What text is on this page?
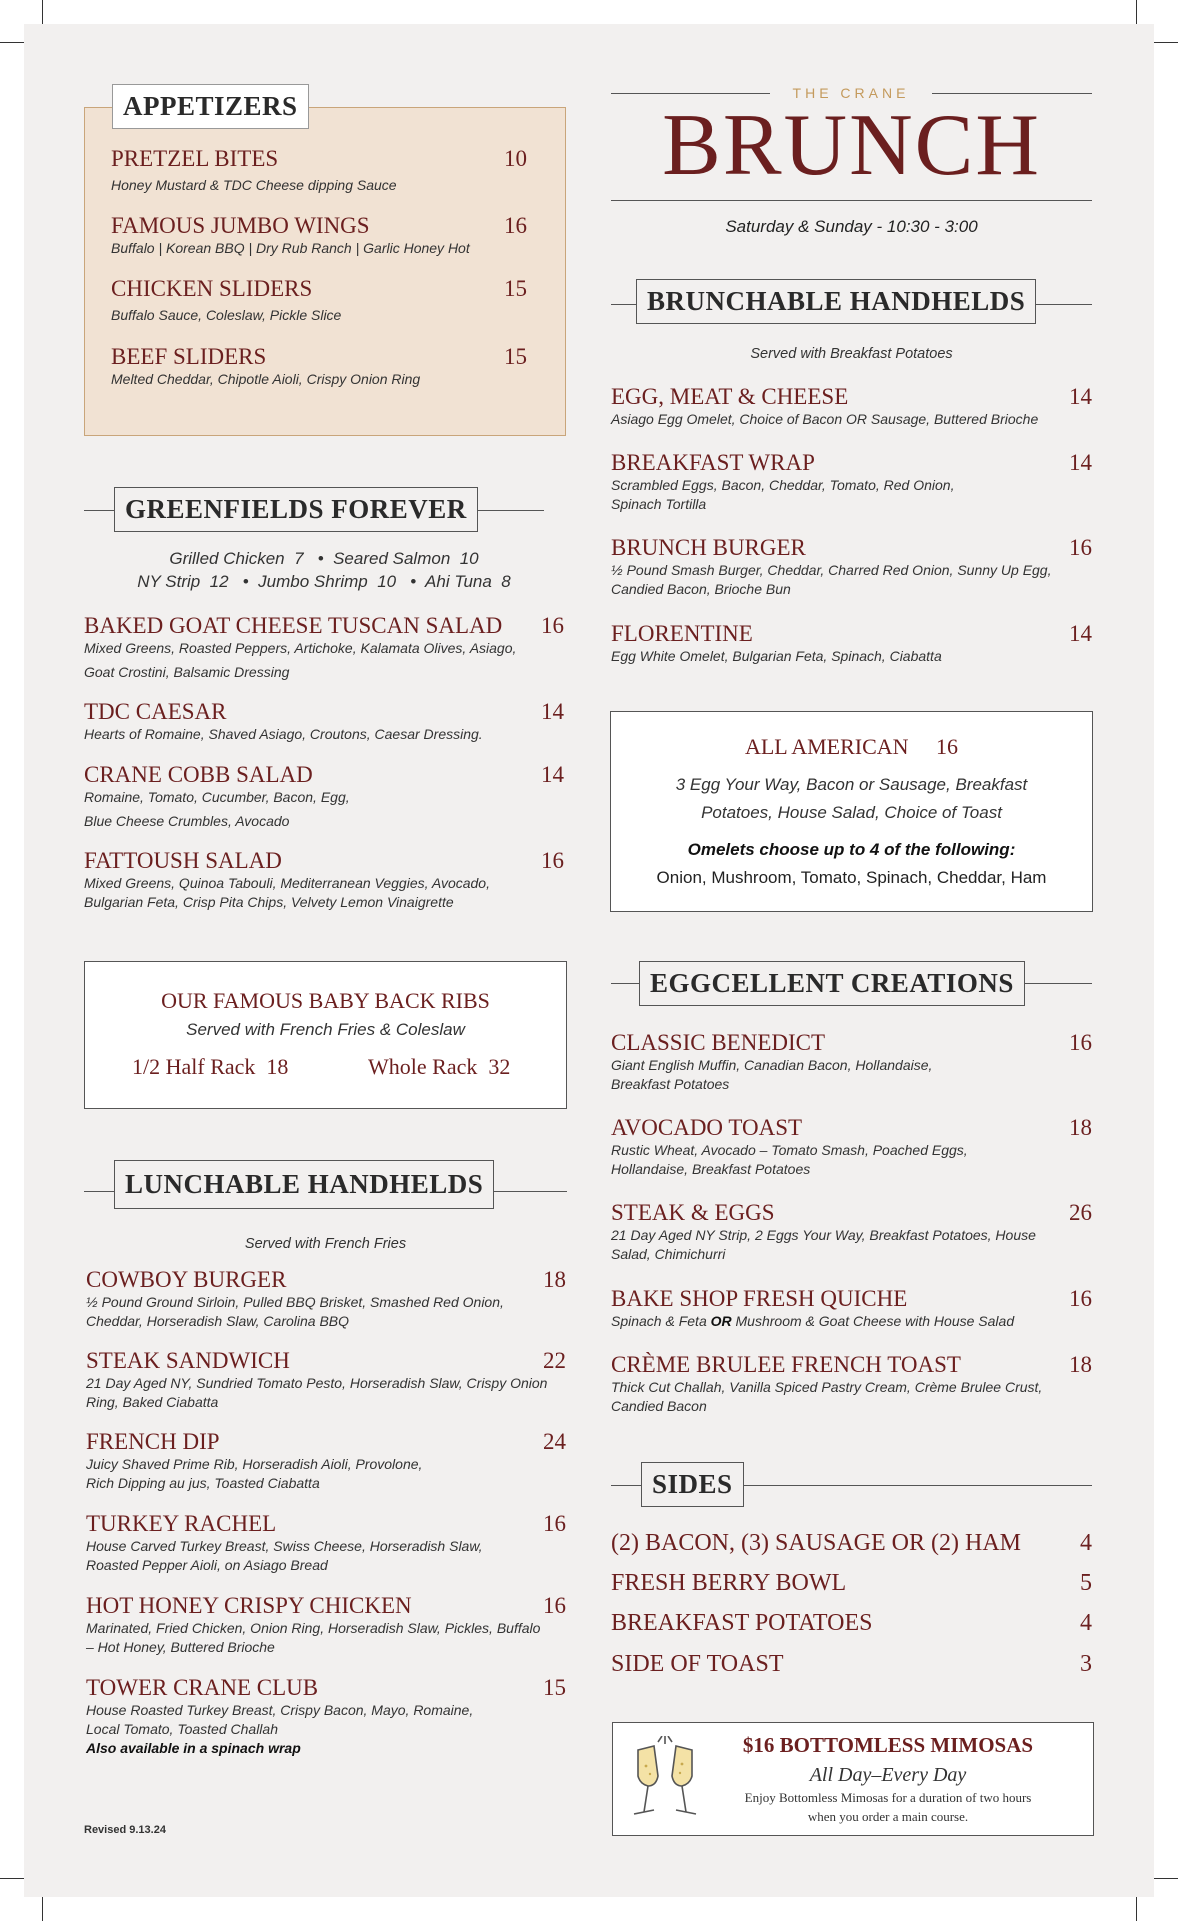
APPETIZERS
PRETZEL BITES	10
Honey Mustard & TDC Cheese dipping Sauce
FAMOUS JUMBO WINGS	16
Buffalo | Korean BBQ | Dry Rub Ranch | Garlic Honey Hot
CHICKEN SLIDERS	15
Buffalo Sauce, Coleslaw, Pickle Slice
BEEF SLIDERS	15
Melted Cheddar, Chipotle Aioli, Crispy Onion Ring
GREENFIELDS FOREVER
Grilled Chicken  7   •  Seared Salmon  10
NY Strip  12   •  Jumbo Shrimp  10   •  Ahi Tuna  8
BAKED GOAT CHEESE TUSCAN SALAD	16
Mixed Greens, Roasted Peppers, Artichoke, Kalamata Olives, Asiago,
Goat Crostini, Balsamic Dressing
TDC CAESAR	14
Hearts of Romaine, Shaved Asiago, Croutons, Caesar Dressing.
CRANE COBB SALAD	14
Romaine, Tomato, Cucumber, Bacon, Egg,
Blue Cheese Crumbles, Avocado
FATTOUSH SALAD	16
Mixed Greens, Quinoa Tabouli, Mediterranean Veggies, Avocado,
Bulgarian Feta, Crisp Pita Chips, Velvety Lemon Vinaigrette
OUR FAMOUS BABY BACK RIBS
Served with French Fries & Coleslaw
1/2 Half Rack  18	Whole Rack  32
LUNCHABLE HANDHELDS
Served with French Fries
COWBOY BURGER	18
½ Pound Ground Sirloin, Pulled BBQ Brisket, Smashed Red Onion,
Cheddar, Horseradish Slaw, Carolina BBQ
STEAK SANDWICH	22
21 Day Aged NY, Sundried Tomato Pesto, Horseradish Slaw, Crispy Onion
Ring, Baked Ciabatta
FRENCH DIP	24
Juicy Shaved Prime Rib, Horseradish Aioli, Provolone,
Rich Dipping au jus, Toasted Ciabatta
TURKEY RACHEL	16
House Carved Turkey Breast, Swiss Cheese, Horseradish Slaw,
Roasted Pepper Aioli, on Asiago Bread
HOT HONEY CRISPY CHICKEN	16
Marinated, Fried Chicken, Onion Ring, Horseradish Slaw, Pickles, Buffalo
– Hot Honey, Buttered Brioche
TOWER CRANE CLUB	15
House Roasted Turkey Breast, Crispy Bacon, Mayo, Romaine,
Local Tomato, Toasted Challah
Also available in a spinach wrap
Revised 9.13.24
THE CRANE
BRUNCH
Saturday & Sunday - 10:30 - 3:00
BRUNCHABLE HANDHELDS
Served with Breakfast Potatoes
EGG, MEAT & CHEESE	14
Asiago Egg Omelet, Choice of Bacon OR Sausage, Buttered Brioche
BREAKFAST WRAP	14
Scrambled Eggs, Bacon, Cheddar, Tomato, Red Onion,
Spinach Tortilla
BRUNCH BURGER	16
½ Pound Smash Burger, Cheddar, Charred Red Onion, Sunny Up Egg,
Candied Bacon, Brioche Bun
FLORENTINE	14
Egg White Omelet, Bulgarian Feta, Spinach, Ciabatta
ALL AMERICAN 16
3 Egg Your Way, Bacon or Sausage, Breakfast
Potatoes, House Salad, Choice of Toast
Omelets choose up to 4 of the following:
Onion, Mushroom, Tomato, Spinach, Cheddar, Ham
EGGCELLENT CREATIONS
CLASSIC BENEDICT	16
Giant English Muffin, Canadian Bacon, Hollandaise,
Breakfast Potatoes
AVOCADO TOAST	18
Rustic Wheat, Avocado – Tomato Smash, Poached Eggs,
Hollandaise, Breakfast Potatoes
STEAK & EGGS	26
21 Day Aged NY Strip, 2 Eggs Your Way, Breakfast Potatoes, House
Salad, Chimichurri
BAKE SHOP FRESH QUICHE	16
Spinach & Feta OR Mushroom & Goat Cheese with House Salad
CRÈME BRULEE FRENCH TOAST	18
Thick Cut Challah, Vanilla Spiced Pastry Cream, Crème Brulee Crust,
Candied Bacon
SIDES
(2) BACON, (3) SAUSAGE OR (2) HAM	4
FRESH BERRY BOWL	5
BREAKFAST POTATOES	4
SIDE OF TOAST	3
$16 BOTTOMLESS MIMOSAS
All Day–Every Day
Enjoy Bottomless Mimosas for a duration of two hours
when you order a main course.
